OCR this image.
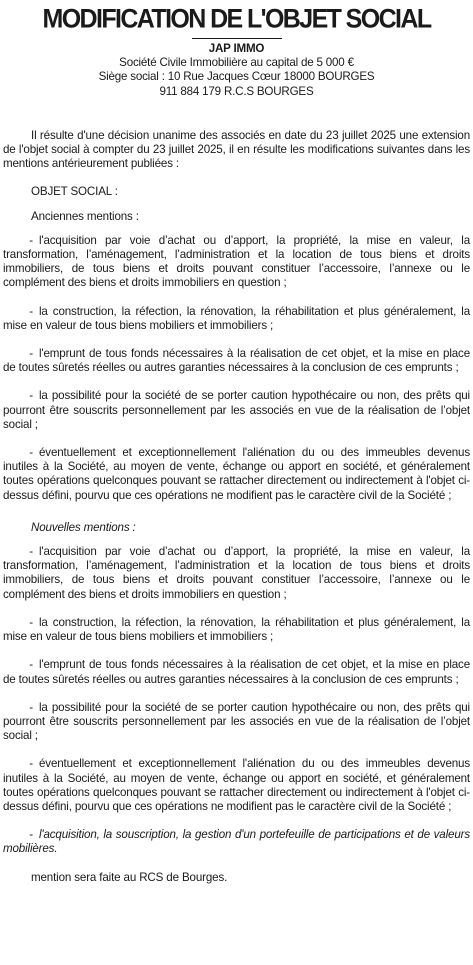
MODIFICATION DE L'OBJET SOCIAL
JAP IMMO
Société Civile Immobilière au capital de 5 000 €
Siège social : 10 Rue Jacques Cœur 18000 BOURGES
911 884 179 R.C.S BOURGES

Il résulte d'une décision unanime des associés en date du 23 juillet 2025 une extension de l'objet social à compter du 23 juillet 2025, il en résulte les modifications suivantes dans les mentions antérieurement publiées :

OBJET SOCIAL :
Anciennes mentions :
- l'acquisition par voie d’achat ou d’apport, la propriété, la mise en valeur, la transformation, l’aménagement, l’administration et la location de tous biens et droits immobiliers, de tous biens et droits pouvant constituer l’accessoire, l’annexe ou le complément des biens et droits immobiliers en question ;
- la construction, la réfection, la rénovation, la réhabilitation et plus généralement, la mise en valeur de tous biens mobiliers et immobiliers ;
- l'emprunt de tous fonds nécessaires à la réalisation de cet objet, et la mise en place de toutes sûretés réelles ou autres garanties nécessaires à la conclusion de ces emprunts ;
- la possibilité pour la société de se porter caution hypothécaire ou non, des prêts qui pourront être souscrits personnellement par les associés en vue de la réalisation de l’objet social ;
- éventuellement et exceptionnellement l'aliénation du ou des immeubles devenus inutiles à la Société, au moyen de vente, échange ou apport en société, et généralement toutes opérations quelconques pouvant se rattacher directement ou indirectement à l'objet ci-dessus défini, pourvu que ces opérations ne modifient pas le caractère civil de la Société ;
Nouvelles mentions :
- l'acquisition par voie d’achat ou d’apport, la propriété, la mise en valeur, la transformation, l’aménagement, l’administration et la location de tous biens et droits immobiliers, de tous biens et droits pouvant constituer l’accessoire, l’annexe ou le complément des biens et droits immobiliers en question ;
- la construction, la réfection, la rénovation, la réhabilitation et plus généralement, la mise en valeur de tous biens mobiliers et immobiliers ;
- l'emprunt de tous fonds nécessaires à la réalisation de cet objet, et la mise en place de toutes sûretés réelles ou autres garanties nécessaires à la conclusion de ces emprunts ;
- la possibilité pour la société de se porter caution hypothécaire ou non, des prêts qui pourront être souscrits personnellement par les associés en vue de la réalisation de l’objet social ;
- éventuellement et exceptionnellement l'aliénation du ou des immeubles devenus inutiles à la Société, au moyen de vente, échange ou apport en société, et généralement toutes opérations quelconques pouvant se rattacher directement ou indirectement à l'objet ci-dessus défini, pourvu que ces opérations ne modifient pas le caractère civil de la Société ;
- l'acquisition, la souscription, la gestion d'un portefeuille de participations et de valeurs mobilières.
mention sera faite au RCS de Bourges.
